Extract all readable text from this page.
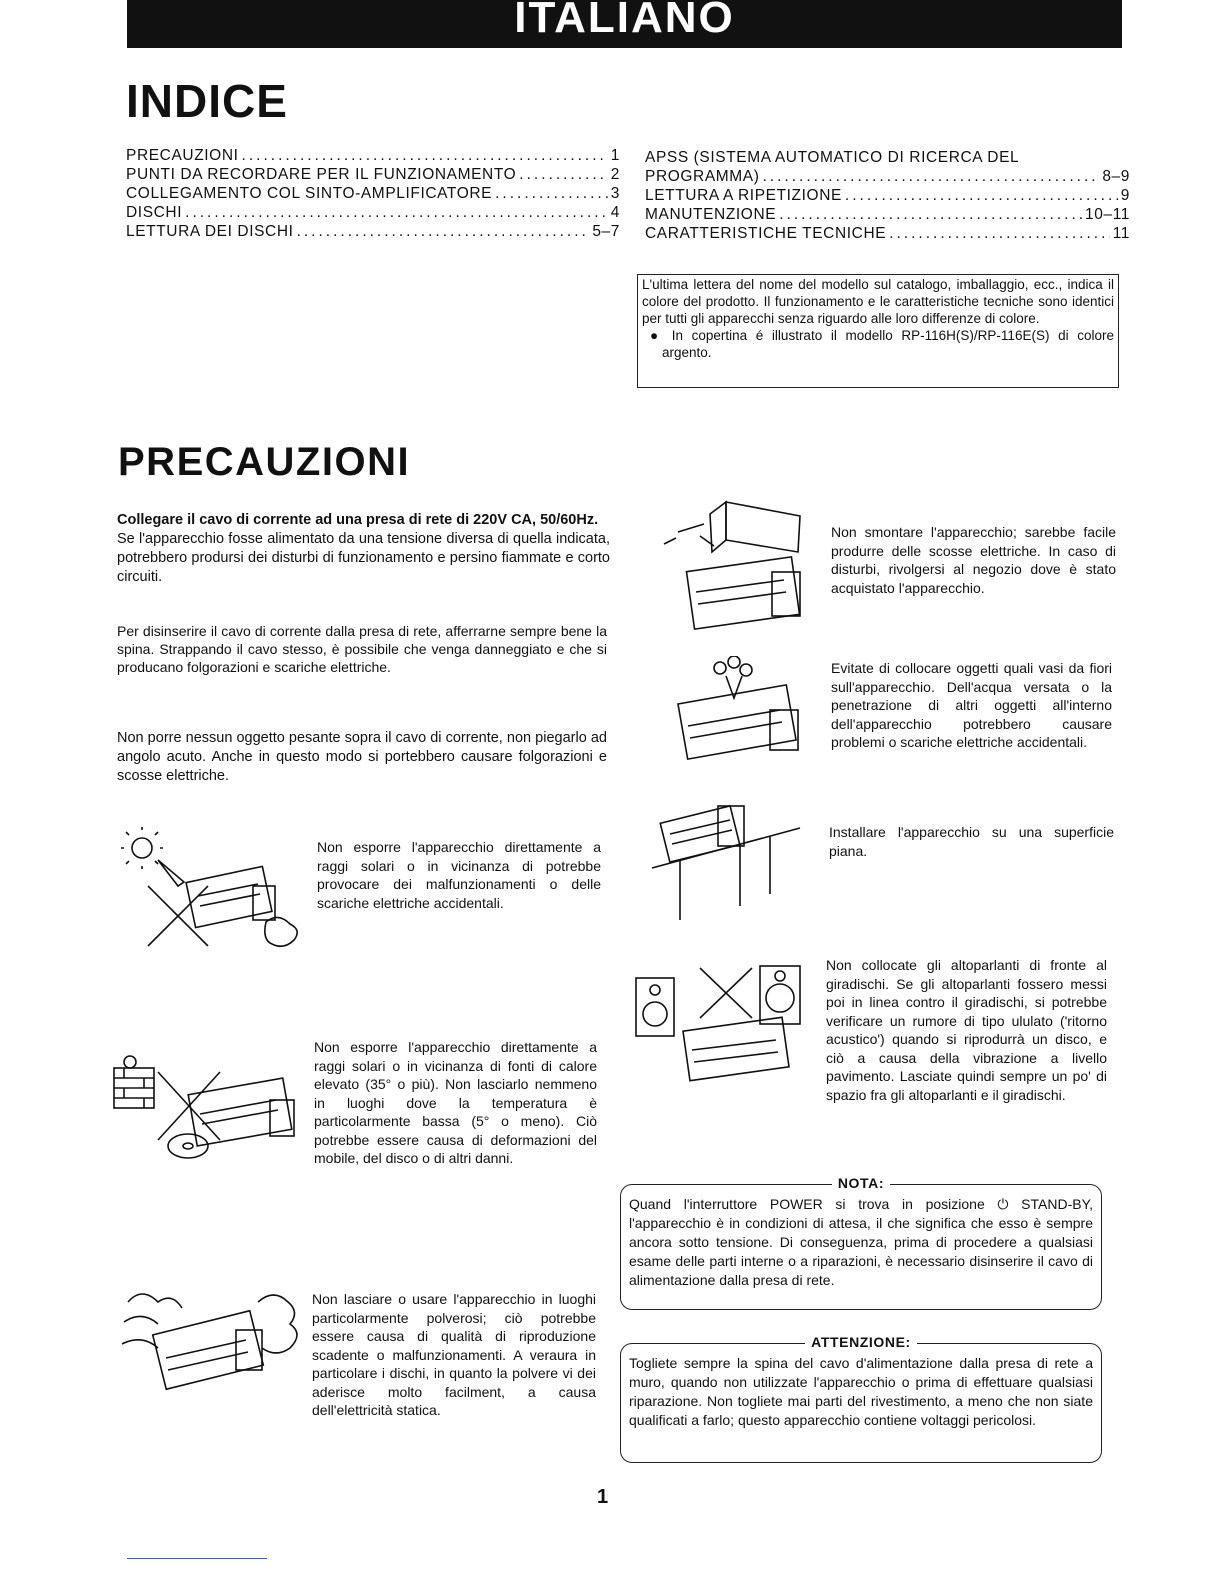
ITALIANO
INDICE
PRECAUZIONI .....	1
PUNTI DA RECORDARE PER IL FUNZIONAMENTO .....	2
COLLEGAMENTO COL SINTO-AMPLIFICATORE .....	3
DISCHI .....	4
LETTURA DEI DISCHI .....	5–7
APSS (SISTEMA AUTOMATICO DI RICERCA DEL
PROGRAMMA) .....	8–9
LETTURA A RIPETIZIONE .....	9
MANUTENZIONE .....	10–11
CARATTERISTICHE TECNICHE .....	11

L'ultima lettera del nome del modello sul catalogo, imballaggio, ecc., indica il colore del prodotto. Il funzionamento e le caratteristiche tecniche sono identici per tutti gli apparecchi senza riguardo alle loro differenze di colore.

● In copertina é illustrato il modello RP-116H(S)/RP-116E(S) di colore argento.

PRECAUZIONI

Collegare il cavo di corrente ad una presa di rete di 220V CA, 50/60Hz.
Se l'apparecchio fosse alimentato da una tensione diversa di quella indicata, potrebbero prodursi dei disturbi di funzionamento e persino fiammate e corto circuiti.

Per disinserire il cavo di corrente dalla presa di rete, afferrarne sempre bene la spina. Strappando il cavo stesso, è possibile che venga danneggiato e che si producano folgorazioni e scariche elettriche.

Non porre nessun oggetto pesante sopra il cavo di corrente, non piegarlo ad angolo acuto. Anche in questo modo si portebbero causare folgorazioni e scosse elettriche.

Non esporre l'apparecchio direttamente a raggi solari o in vicinanza di potrebbe provocare dei malfunzionamenti o delle scariche elettriche accidentali.

Non esporre l'apparecchio direttamente a raggi solari o in vicinanza di fonti di calore elevato (35° o più). Non lasciarlo nemmeno in luoghi dove la temperatura è particolarmente bassa (5° o meno). Ciò potrebbe essere causa di deformazioni del mobile, del disco o di altri danni.

Non lasciare o usare l'apparecchio in luoghi particolarmente polverosi; ciò potrebbe essere causa di qualità di riproduzione scadente o malfunzionamenti. A veraura in particolare i dischi, in quanto la polvere vi dei aderisce molto facilment, a causa dell'elettricità statica.

Non smontare l'apparecchio; sarebbe facile produrre delle scosse elettriche. In caso di disturbi, rivolgersi al negozio dove è stato acquistato l'apparecchio.

Evitate di collocare oggetti quali vasi da fiori sull'apparecchio. Dell'acqua versata o la penetrazione di altri oggetti all'interno dell'apparecchio potrebbero causare problemi o scariche elettriche accidentali.

Installare l'apparecchio su una superficie piana.

Non collocate gli altoparlanti di fronte al giradischi. Se gli altoparlanti fossero messi poi in linea contro il giradischi, si potrebbe verificare un rumore di tipo ululato ('ritorno acustico') quando si riprodurrà un disco, e ciò a causa della vibrazione a livello pavimento. Lasciate quindi sempre un po' di spazio fra gli altoparlanti e il giradischi.

NOTA:

Quand l'interruttore POWER si trova in posizione ⏻ STAND-BY, l'apparecchio è in condizioni di attesa, il che significa che esso è sempre ancora sotto tensione. Di conseguenza, prima di procedere a qualsiasi esame delle parti interne o a riparazioni, è necessario disinserire il cavo di alimentazione dalla presa di rete.

ATTENZIONE:

Togliete sempre la spina del cavo d'alimentazione dalla presa di rete a muro, quando non utilizzate l'apparecchio o prima di effettuare qualsiasi riparazione. Non togliete mai parti del rivestimento, a meno che non siate qualificati a farlo; questo apparecchio contiene voltaggi pericolosi.

1
